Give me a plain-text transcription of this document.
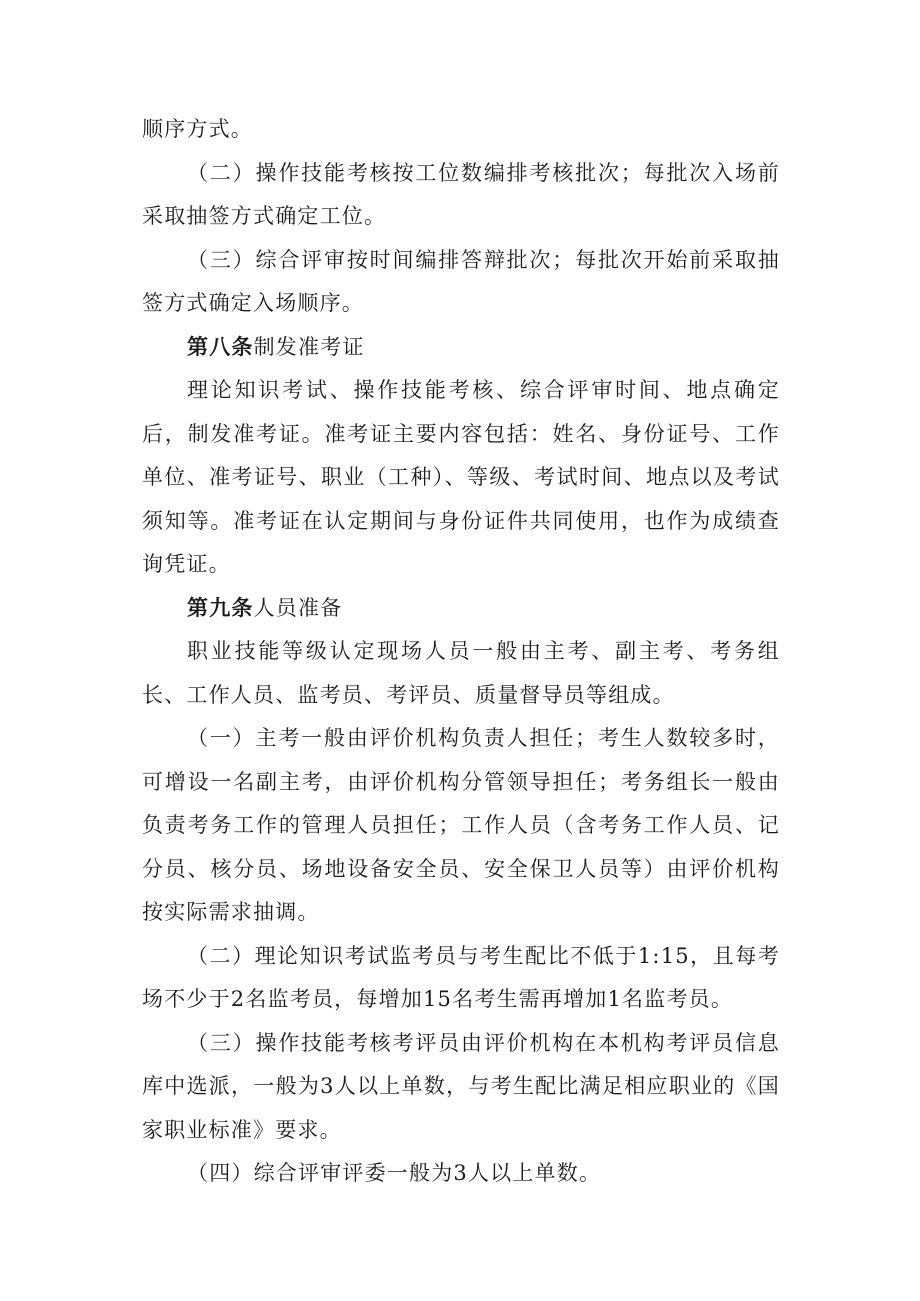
顺序方式。

（二）操作技能考核按工位数编排考核批次；每批次入场前采取抽签方式确定工位。

（三）综合评审按时间编排答辩批次；每批次开始前采取抽签方式确定入场顺序。

第八条制发准考证

理论知识考试、操作技能考核、综合评审时间、地点确定后，制发准考证。准考证主要内容包括：姓名、身份证号、工作单位、准考证号、职业（工种）、等级、考试时间、地点以及考试须知等。准考证在认定期间与身份证件共同使用，也作为成绩查询凭证。

第九条人员准备

职业技能等级认定现场人员一般由主考、副主考、考务组长、工作人员、监考员、考评员、质量督导员等组成。

（一）主考一般由评价机构负责人担任；考生人数较多时，可增设一名副主考，由评价机构分管领导担任；考务组长一般由负责考务工作的管理人员担任；工作人员（含考务工作人员、记分员、核分员、场地设备安全员、安全保卫人员等）由评价机构按实际需求抽调。

（二）理论知识考试监考员与考生配比不低于1:15，且每考场不少于2名监考员，每增加15名考生需再增加1名监考员。

（三）操作技能考核考评员由评价机构在本机构考评员信息库中选派，一般为3人以上单数，与考生配比满足相应职业的《国家职业标准》要求。

（四）综合评审评委一般为3人以上单数。
